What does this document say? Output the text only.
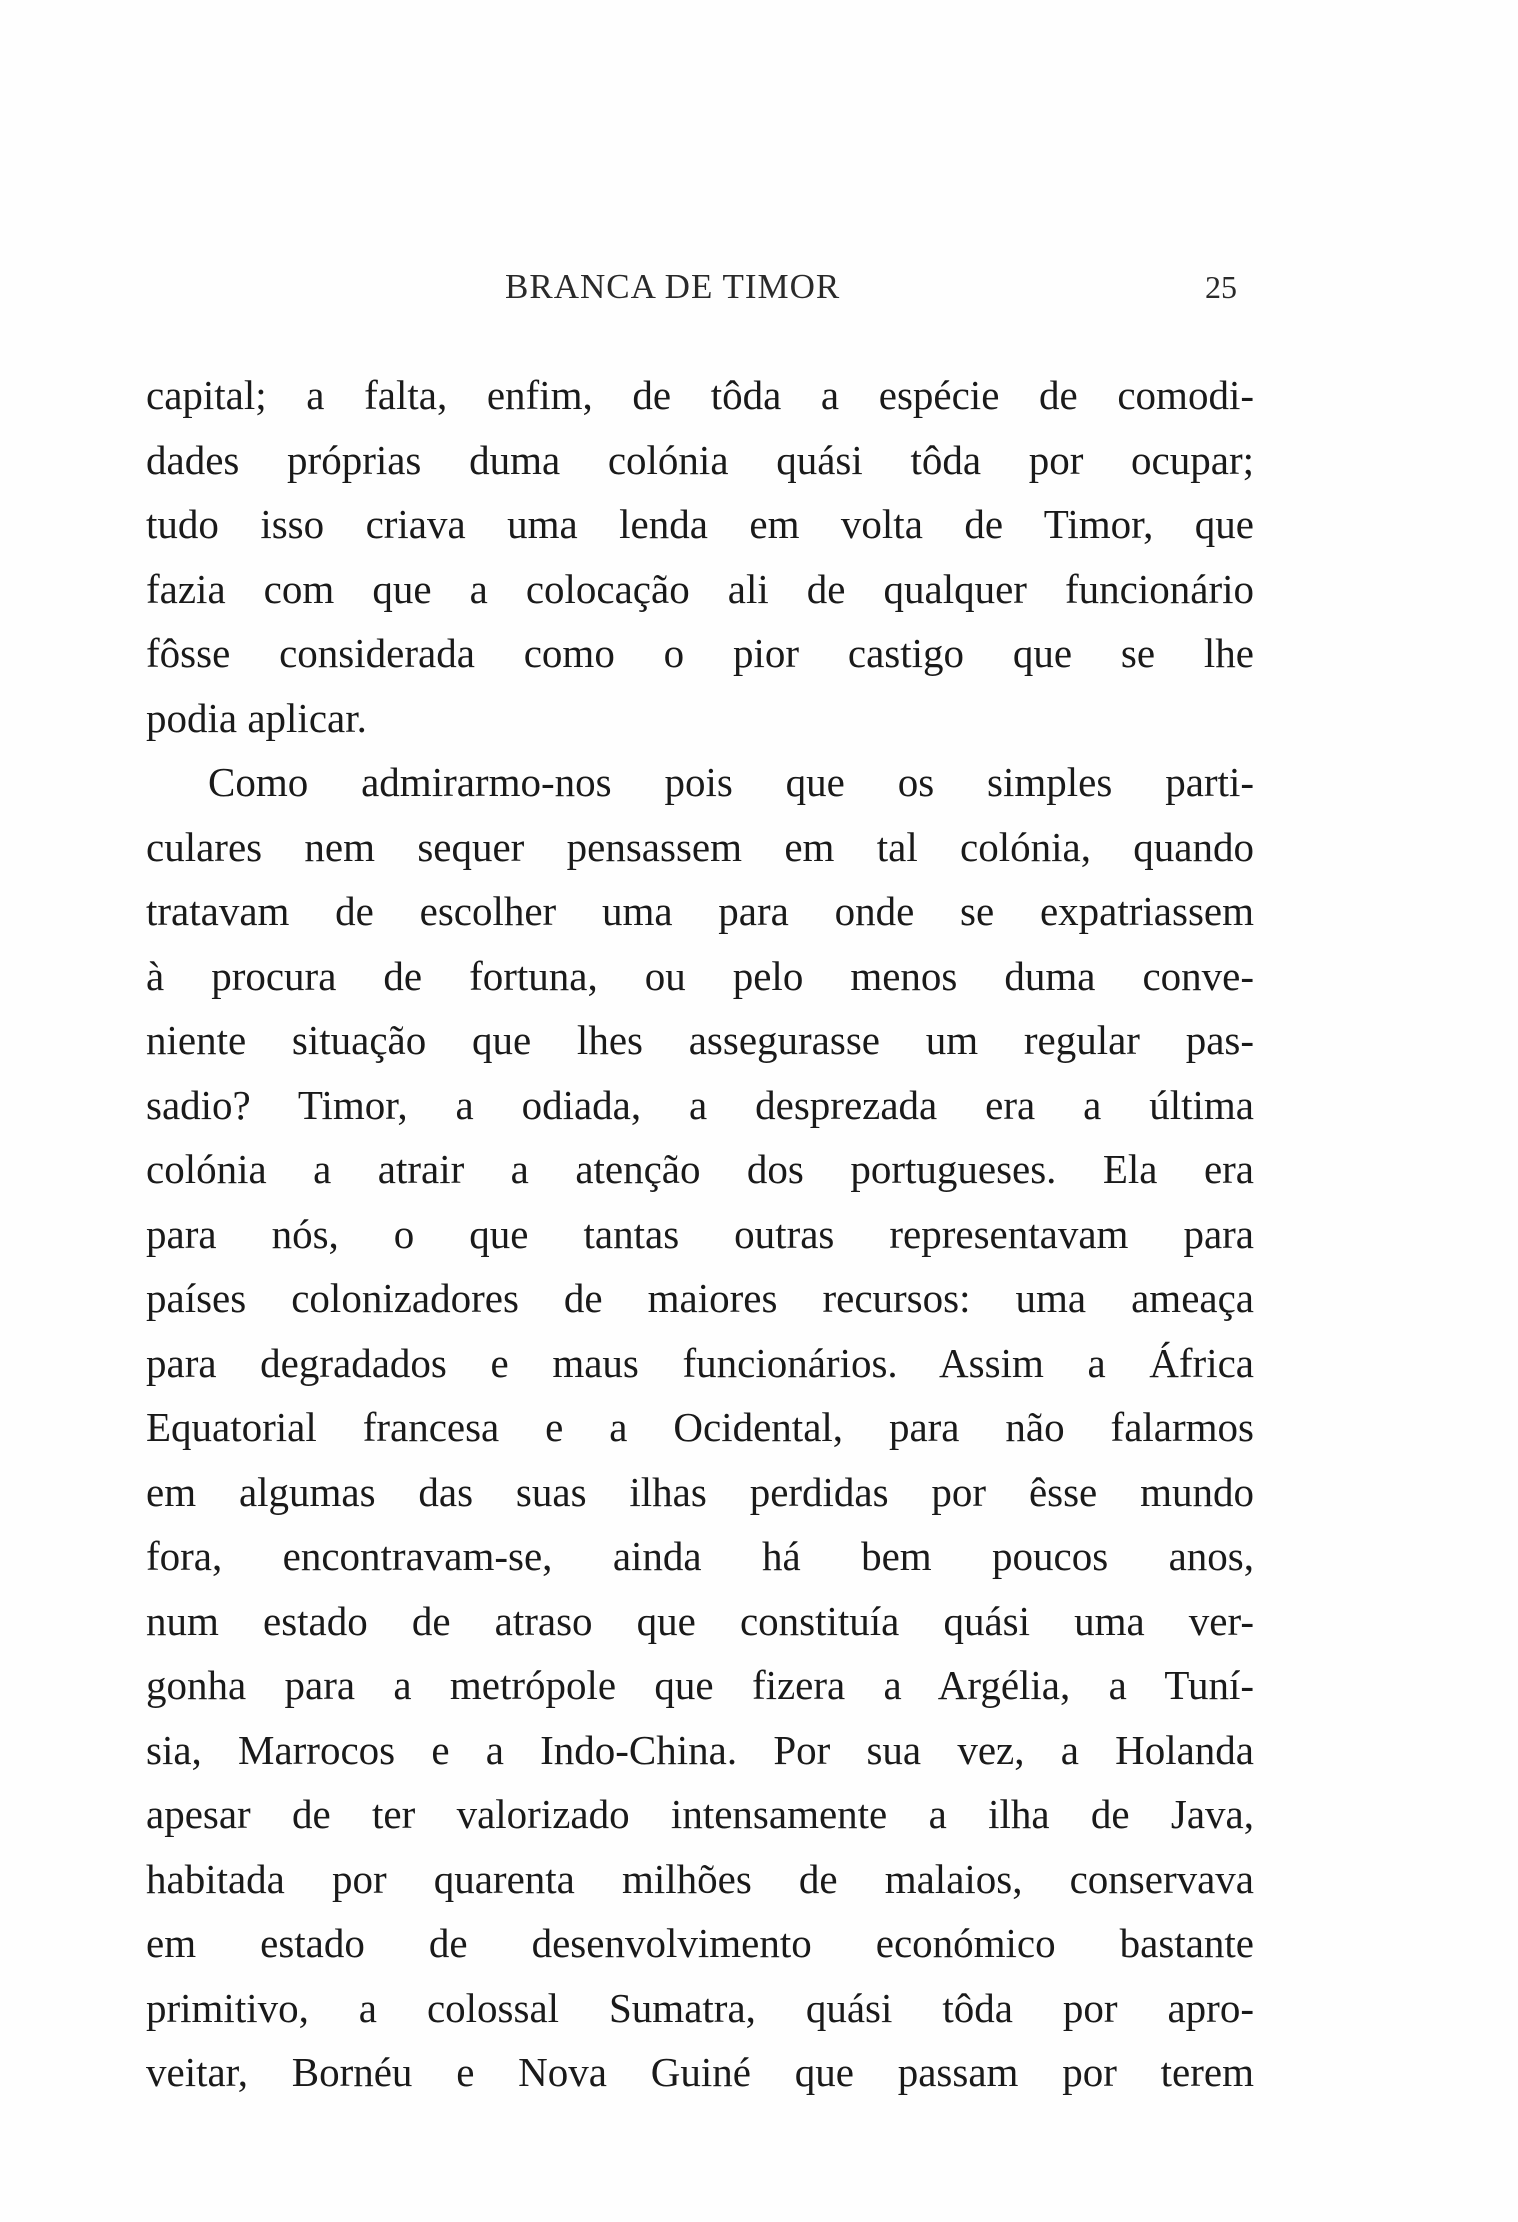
BRANCA DE TIMOR	25
capital; a falta, enfim, de tôda a espécie de comodi-
dades próprias duma colónia quási tôda por ocupar;
tudo isso criava uma lenda em volta de Timor, que
fazia com que a colocação ali de qualquer funcionário
fôsse considerada como o pior castigo que se lhe
podia aplicar.
Como admirarmo-nos pois que os simples parti-
culares nem sequer pensassem em tal colónia, quando
tratavam de escolher uma para onde se expatriassem
à procura de fortuna, ou pelo menos duma conve-
niente situação que lhes assegurasse um regular pas-
sadio? Timor, a odiada, a desprezada era a última
colónia a atrair a atenção dos portugueses. Ela era
para nós, o que tantas outras representavam para
países colonizadores de maiores recursos: uma ameaça
para degradados e maus funcionários. Assim a África
Equatorial francesa e a Ocidental, para não falarmos
em algumas das suas ilhas perdidas por êsse mundo
fora, encontravam-se, ainda há bem poucos anos,
num estado de atraso que constituía quási uma ver-
gonha para a metrópole que fizera a Argélia, a Tuní-
sia, Marrocos e a Indo-China. Por sua vez, a Holanda
apesar de ter valorizado intensamente a ilha de Java,
habitada por quarenta milhões de malaios, conservava
em estado de desenvolvimento económico bastante
primitivo, a colossal Sumatra, quási tôda por apro-
veitar, Bornéu e Nova Guiné que passam por terem
